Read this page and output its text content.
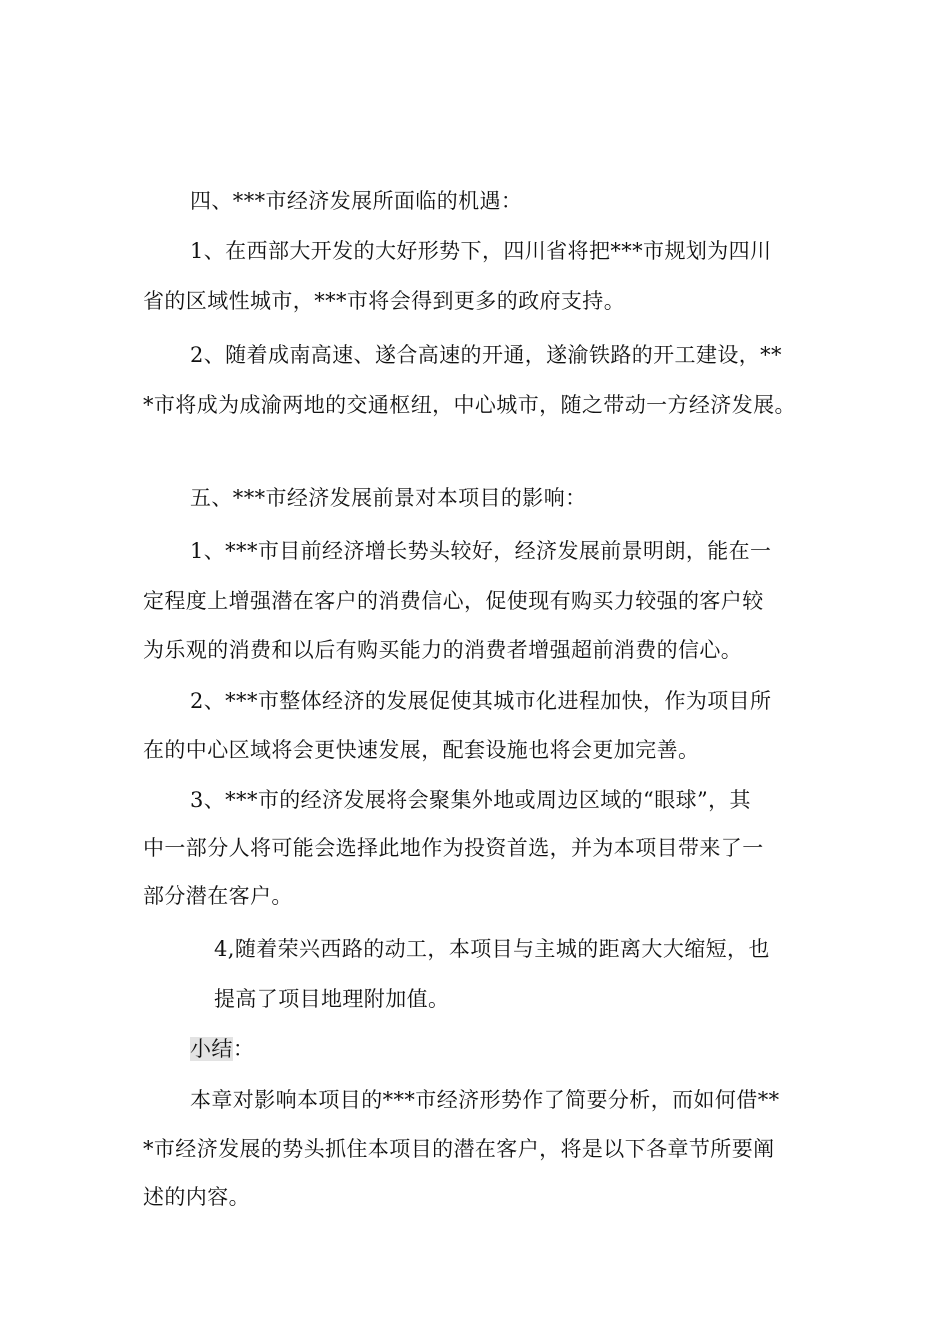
四、***市经济发展所面临的机遇：
1、在西部大开发的大好形势下，四川省将把***市规划为四川
省的区域性城市，***市将会得到更多的政府支持。
2、随着成南高速、遂合高速的开通，遂渝铁路的开工建设，**
*市将成为成渝两地的交通枢纽，中心城市，随之带动一方经济发展。
五、***市经济发展前景对本项目的影响：
1、***市目前经济增长势头较好，经济发展前景明朗，能在一
定程度上增强潜在客户的消费信心，促使现有购买力较强的客户较
为乐观的消费和以后有购买能力的消费者增强超前消费的信心。
2、***市整体经济的发展促使其城市化进程加快，作为项目所
在的中心区域将会更快速发展，配套设施也将会更加完善。
3、***市的经济发展将会聚集外地或周边区域的“眼球”，其
中一部分人将可能会选择此地作为投资首选，并为本项目带来了一
部分潜在客户。
4,随着荣兴西路的动工，本项目与主城的距离大大缩短，也
提高了项目地理附加值。
小结：
本章对影响本项目的***市经济形势作了简要分析，而如何借**
*市经济发展的势头抓住本项目的潜在客户，将是以下各章节所要阐
述的内容。
